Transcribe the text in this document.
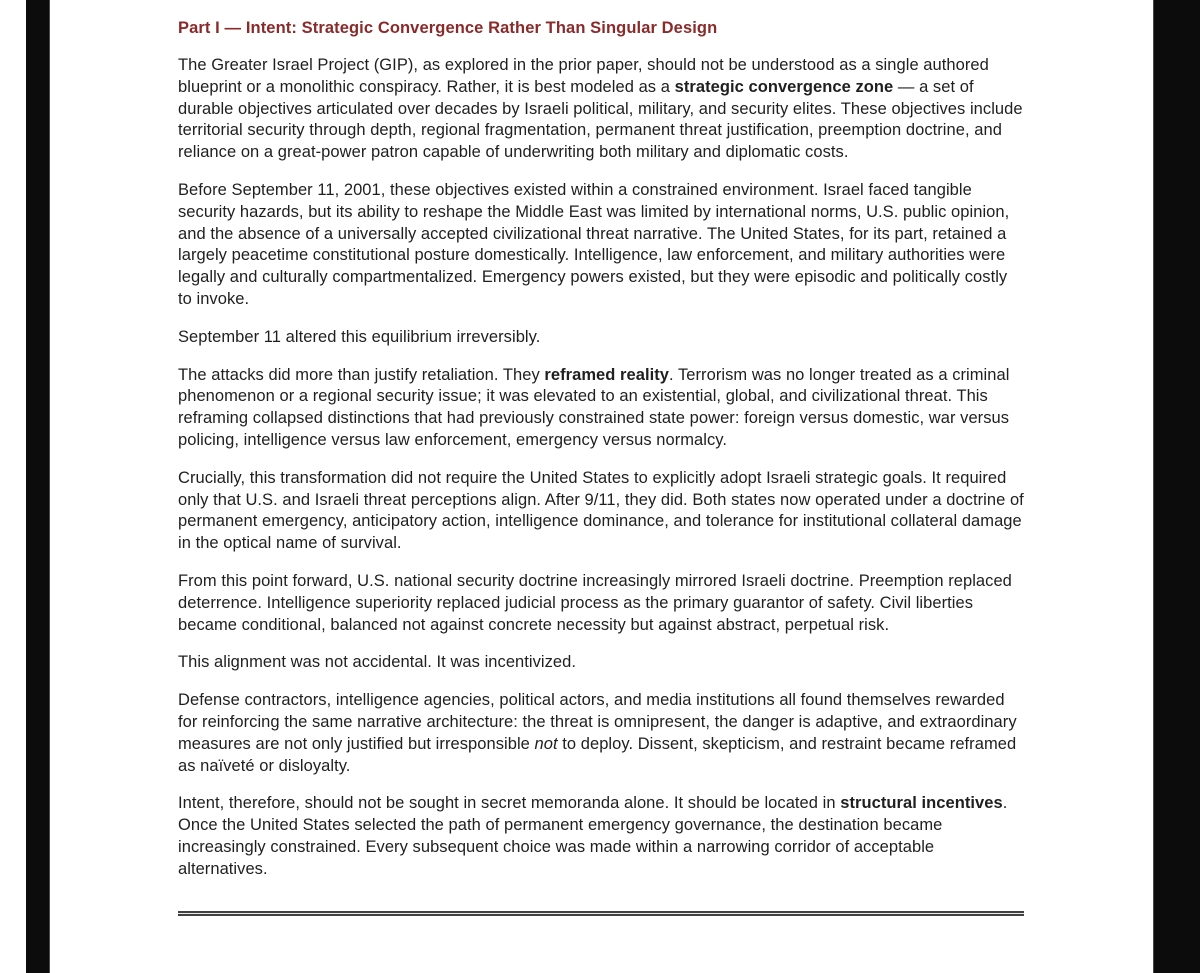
Part I — Intent: Strategic Convergence Rather Than Singular Design

The Greater Israel Project (GIP), as explored in the prior paper, should not be understood as a single authored blueprint or a monolithic conspiracy. Rather, it is best modeled as a strategic convergence zone — a set of durable objectives articulated over decades by Israeli political, military, and security elites. These objectives include territorial security through depth, regional fragmentation, permanent threat justification, preemption doctrine, and reliance on a great-power patron capable of underwriting both military and diplomatic costs.

Before September 11, 2001, these objectives existed within a constrained environment. Israel faced tangible security hazards, but its ability to reshape the Middle East was limited by international norms, U.S. public opinion, and the absence of a universally accepted civilizational threat narrative. The United States, for its part, retained a largely peacetime constitutional posture domestically. Intelligence, law enforcement, and military authorities were legally and culturally compartmentalized. Emergency powers existed, but they were episodic and politically costly to invoke.

September 11 altered this equilibrium irreversibly.

The attacks did more than justify retaliation. They reframed reality. Terrorism was no longer treated as a criminal phenomenon or a regional security issue; it was elevated to an existential, global, and civilizational threat. This reframing collapsed distinctions that had previously constrained state power: foreign versus domestic, war versus policing, intelligence versus law enforcement, emergency versus normalcy.

Crucially, this transformation did not require the United States to explicitly adopt Israeli strategic goals. It required only that U.S. and Israeli threat perceptions align. After 9/11, they did. Both states now operated under a doctrine of permanent emergency, anticipatory action, intelligence dominance, and tolerance for institutional collateral damage in the optical name of survival.

From this point forward, U.S. national security doctrine increasingly mirrored Israeli doctrine. Preemption replaced deterrence. Intelligence superiority replaced judicial process as the primary guarantor of safety. Civil liberties became conditional, balanced not against concrete necessity but against abstract, perpetual risk.

This alignment was not accidental. It was incentivized.

Defense contractors, intelligence agencies, political actors, and media institutions all found themselves rewarded for reinforcing the same narrative architecture: the threat is omnipresent, the danger is adaptive, and extraordinary measures are not only justified but irresponsible not to deploy. Dissent, skepticism, and restraint became reframed as naïveté or disloyalty.

Intent, therefore, should not be sought in secret memoranda alone. It should be located in structural incentives. Once the United States selected the path of permanent emergency governance, the destination became increasingly constrained. Every subsequent choice was made within a narrowing corridor of acceptable alternatives.
